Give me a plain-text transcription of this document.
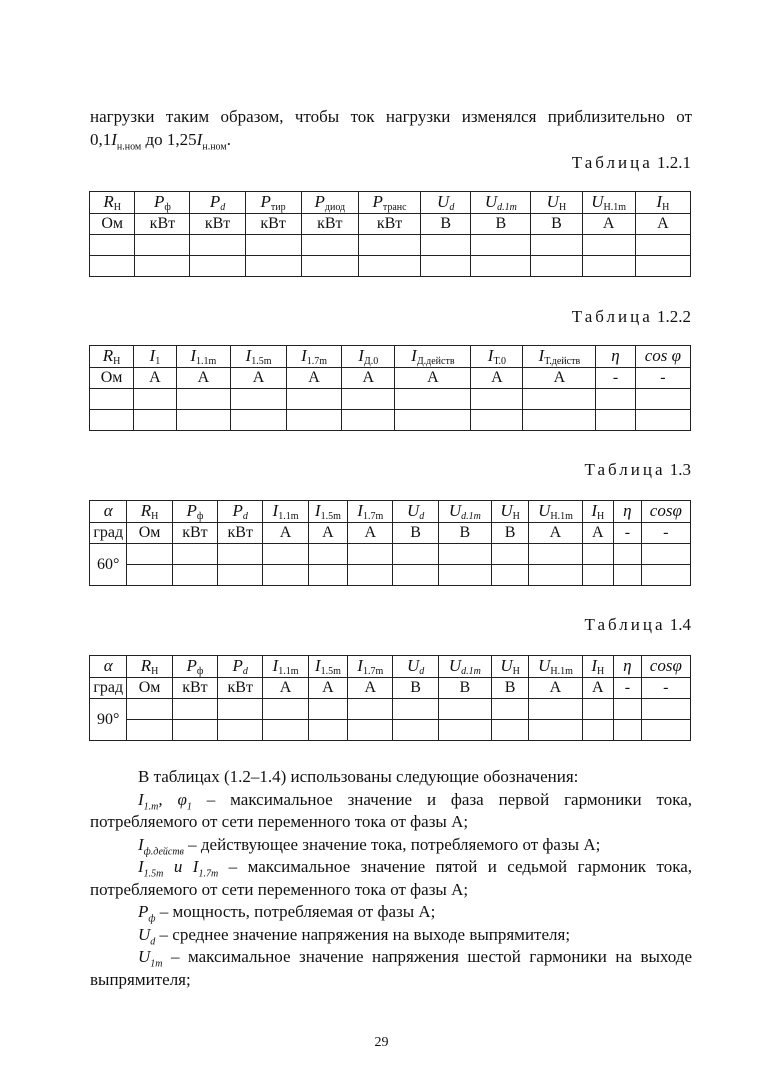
нагрузки таким образом, чтобы ток нагрузки изменялся приблизительно от
$0,1I_{н.ном}$ до $1,25I_{н.ном}$.
Таблица 1.2.1
$R_Н$	$P_ф$	$P_d$	$P_{тир}$	$P_{диод}$	$P_{транс}$	$U_d$	$U_{d.1m}$	$U_Н$	$U_{Н.1m}$	$I_Н$
Ом	кВт	кВт	кВт	кВт	кВт	В	В	В	А	А

Таблица 1.2.2
$R_Н$	$I_1$	$I_{1.1m}$	$I_{1.5m}$	$I_{1.7m}$	$I_{Д.0}$	$I_{Д.действ}$	$I_{Т.0}$	$I_{Т.действ}$	η	cos φ
Ом	А	А	А	А	А	А	А	А	-	-

Таблица 1.3
α	$R_Н$	$P_ф$	$P_d$	$I_{1.1m}$	$I_{1.5m}$	$I_{1.7m}$	$U_d$	$U_{d.1m}$	$U_Н$	$U_{Н.1m}$	$I_Н$	η	cosφ
град	Ом	кВт	кВт	А	А	А	В	В	В	А	А	-	-
60°													

Таблица 1.4
α	$R_Н$	$P_ф$	$P_d$	$I_{1.1m}$	$I_{1.5m}$	$I_{1.7m}$	$U_d$	$U_{d.1m}$	$U_Н$	$U_{Н.1m}$	$I_Н$	η	cosφ
град	Ом	кВт	кВт	А	А	А	В	В	В	А	А	-	-
90°													

В таблицах (1.2–1.4) использованы следующие обозначения:
$I_{1.m}$, $\varphi_1$ – максимальное значение и фаза первой гармоники тока, потребляемого от сети переменного тока от фазы А;
$I_{ф.действ}$ – действующее значение тока, потребляемого от фазы А;
$I_{1.5m}$ и $I_{1.7m}$ – максимальное значение пятой и седьмой гармоник тока, потребляемого от сети переменного тока от фазы А;
$P_ф$ – мощность, потребляемая от фазы А;
$U_d$ – среднее значение напряжения на выходе выпрямителя;
$U_{1m}$ – максимальное значение напряжения шестой гармоники на выходе выпрямителя;
29
